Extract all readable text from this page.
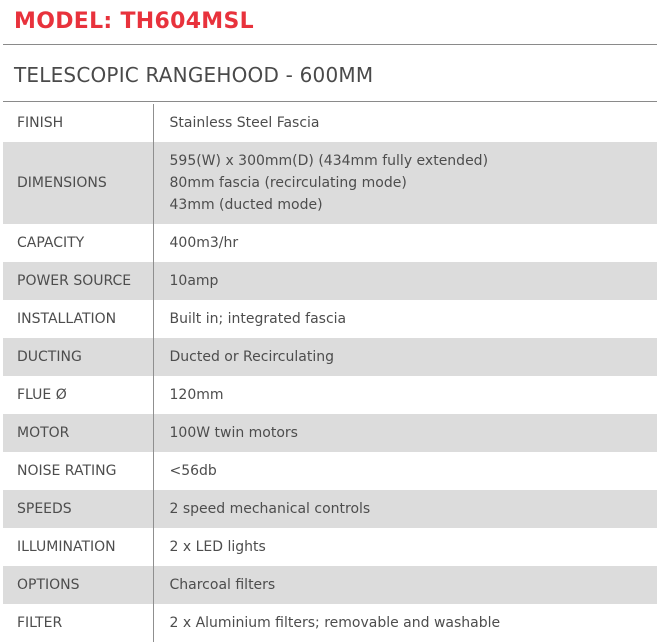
MODEL: TH604MSL
TELESCOPIC RANGEHOOD - 600MM
FINISH	Stainless Steel Fascia

DIMENSIONS	595(W) x 300mm(D) (434mm fully extended)
80mm fascia (recirculating mode)
43mm (ducted mode)

CAPACITY	400m3/hr

POWER SOURCE	10amp

INSTALLATION	Built in; integrated fascia

DUCTING	Ducted or Recirculating

FLUE Ø	120mm

MOTOR	100W twin motors

NOISE RATING	<56db

SPEEDS	2 speed mechanical controls

ILLUMINATION	2 x LED lights

OPTIONS	Charcoal filters

FILTER	2 x Aluminium filters; removable and washable
